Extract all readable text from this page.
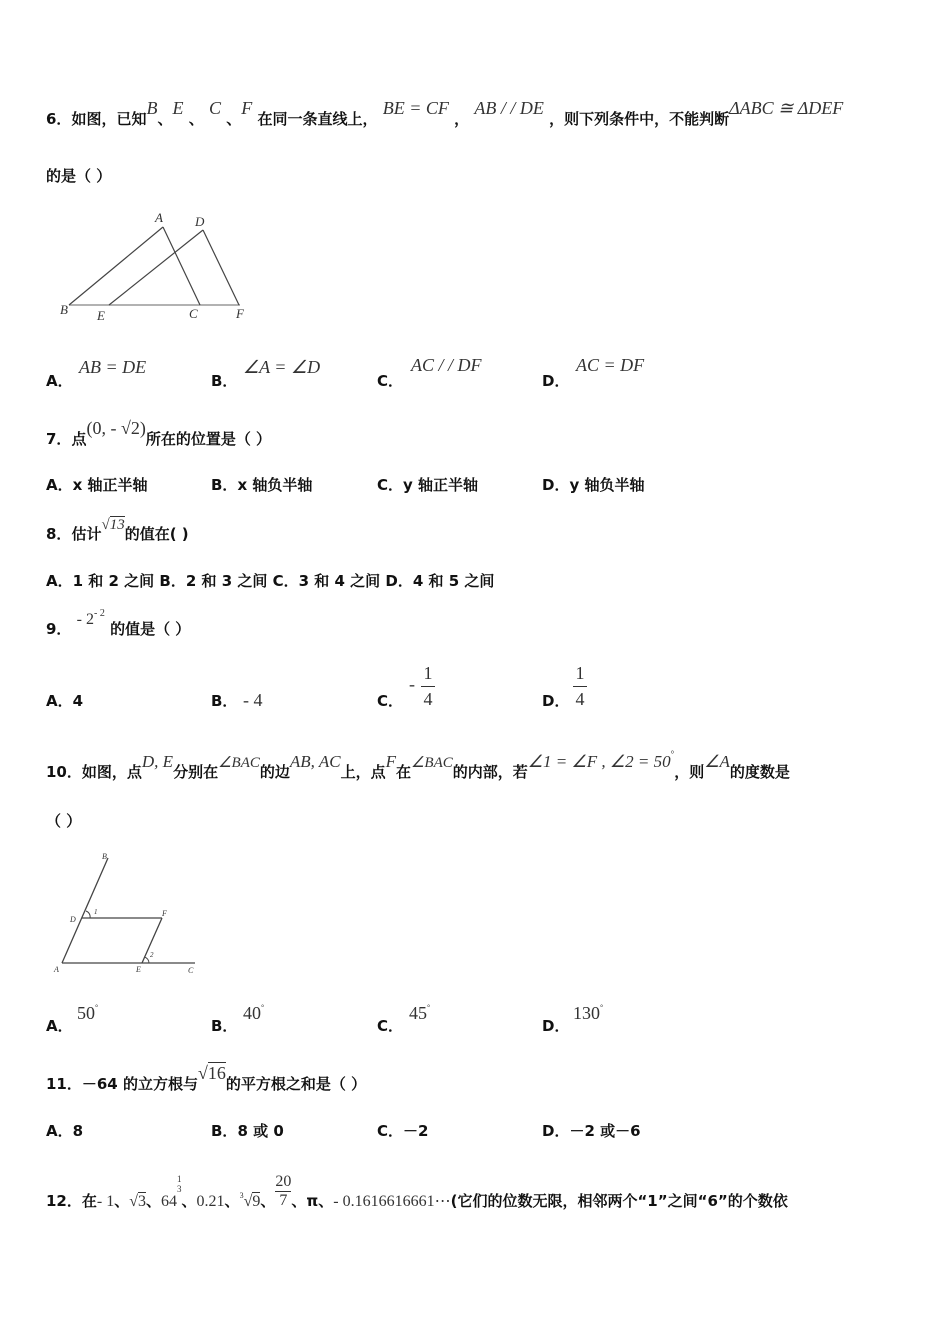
6．如图，已知B、E 、 C 、F 在同一条直线上， BE = CF ， AB / / DE ，则下列条件中，不能判断ΔABC ≅ ΔDEF
的是（ ）
A D
B E	C	F
A．
AB = DE
B．
∠A = ∠D
C．
AC / / DF
D．
AC = DF
7．点(0, - √2)所在的位置是（ ）
A．x 轴正半轴	B．x 轴负半轴	C．y 轴正半轴	D．y 轴负半轴
8．估计√13的值在( )
A．1 和 2 之间 B．2 和 3 之间 C．3 和 4 之间 D．4 和 5 之间
9． - $2^{- 2}$ 的值是（ ）
A．4	B． - 4	C．
-
1
4	D．
1
4
10．如图，点D, E分别在∠BAC的边AB, AC上，点F在∠BAC的内部，若∠1 = ∠F , ∠2 = 50°，则∠A的度数是
（ ）
B
D
1	F
2
A	E	C
A．
50°
B．
40°
C．
45°
D．
130°
11．－64 的立方根与√16的平方根之和是（ ）
A．8	B．8 或 0	C．－2	D．－2 或－6
12．在- 1、√3、64
1
3
、0.21、$^3$√9、 $\frac{20}{7}$ 、π、- 0.1616616661⋯(它们的位数无限，相邻两个“1”之间“6”的个数依
